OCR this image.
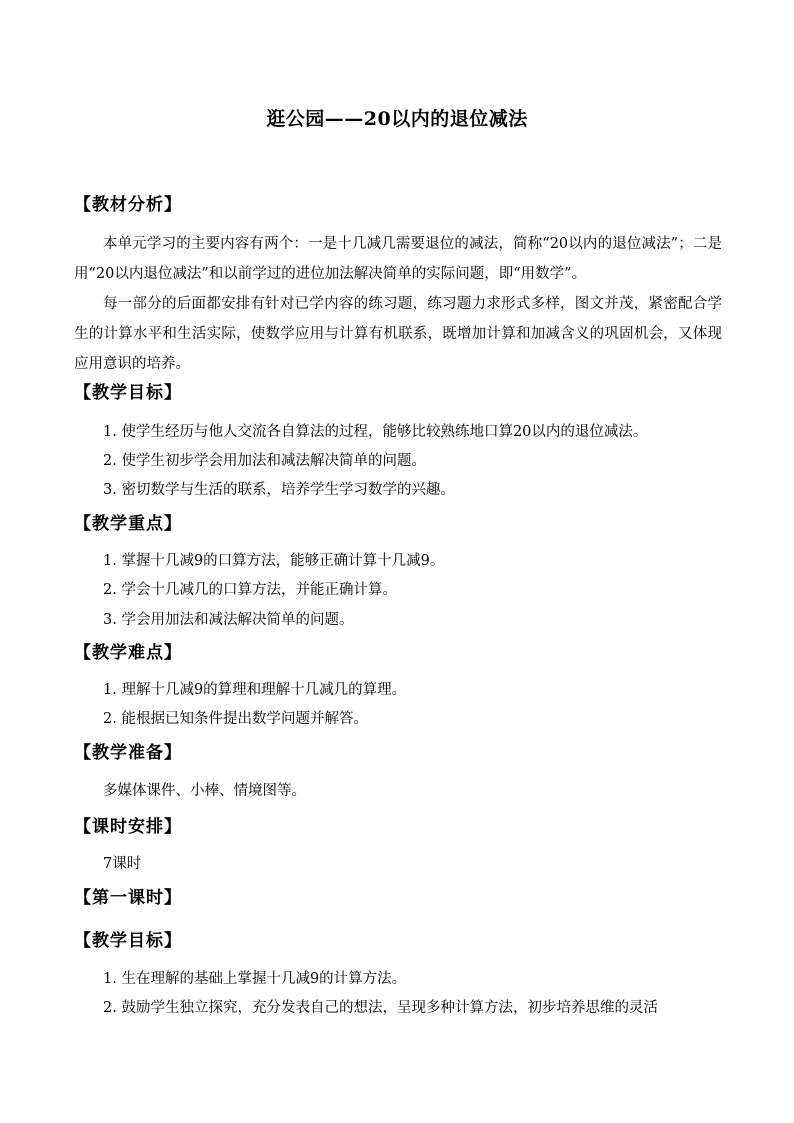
逛公园——20以内的退位减法
【教材分析】
本单元学习的主要内容有两个：一是十几减几需要退位的减法，简称“20以内的退位减法”；二是用“20以内退位减法”和以前学过的进位加法解决简单的实际问题，即“用数学”。
每一部分的后面都安排有针对已学内容的练习题，练习题力求形式多样，图文并茂，紧密配合学生的计算水平和生活实际，使数学应用与计算有机联系，既增加计算和加减含义的巩固机会，又体现应用意识的培养。
【教学目标】
1. 使学生经历与他人交流各自算法的过程，能够比较熟练地口算20以内的退位减法。
2. 使学生初步学会用加法和减法解决简单的问题。
3. 密切数学与生活的联系，培养学生学习数学的兴趣。
【教学重点】
1. 掌握十几减9的口算方法，能够正确计算十几减9。
2. 学会十几减几的口算方法，并能正确计算。
3. 学会用加法和减法解决简单的问题。
【教学难点】
1. 理解十几减9的算理和理解十几减几的算理。
2. 能根据已知条件提出数学问题并解答。
【教学准备】
多媒体课件、小棒、情境图等。
【课时安排】
7课时
【第一课时】
【教学目标】
1. 生在理解的基础上掌握十几减9的计算方法。
2. 鼓励学生独立探究，充分发表自己的想法，呈现多种计算方法，初步培养思维的灵活
